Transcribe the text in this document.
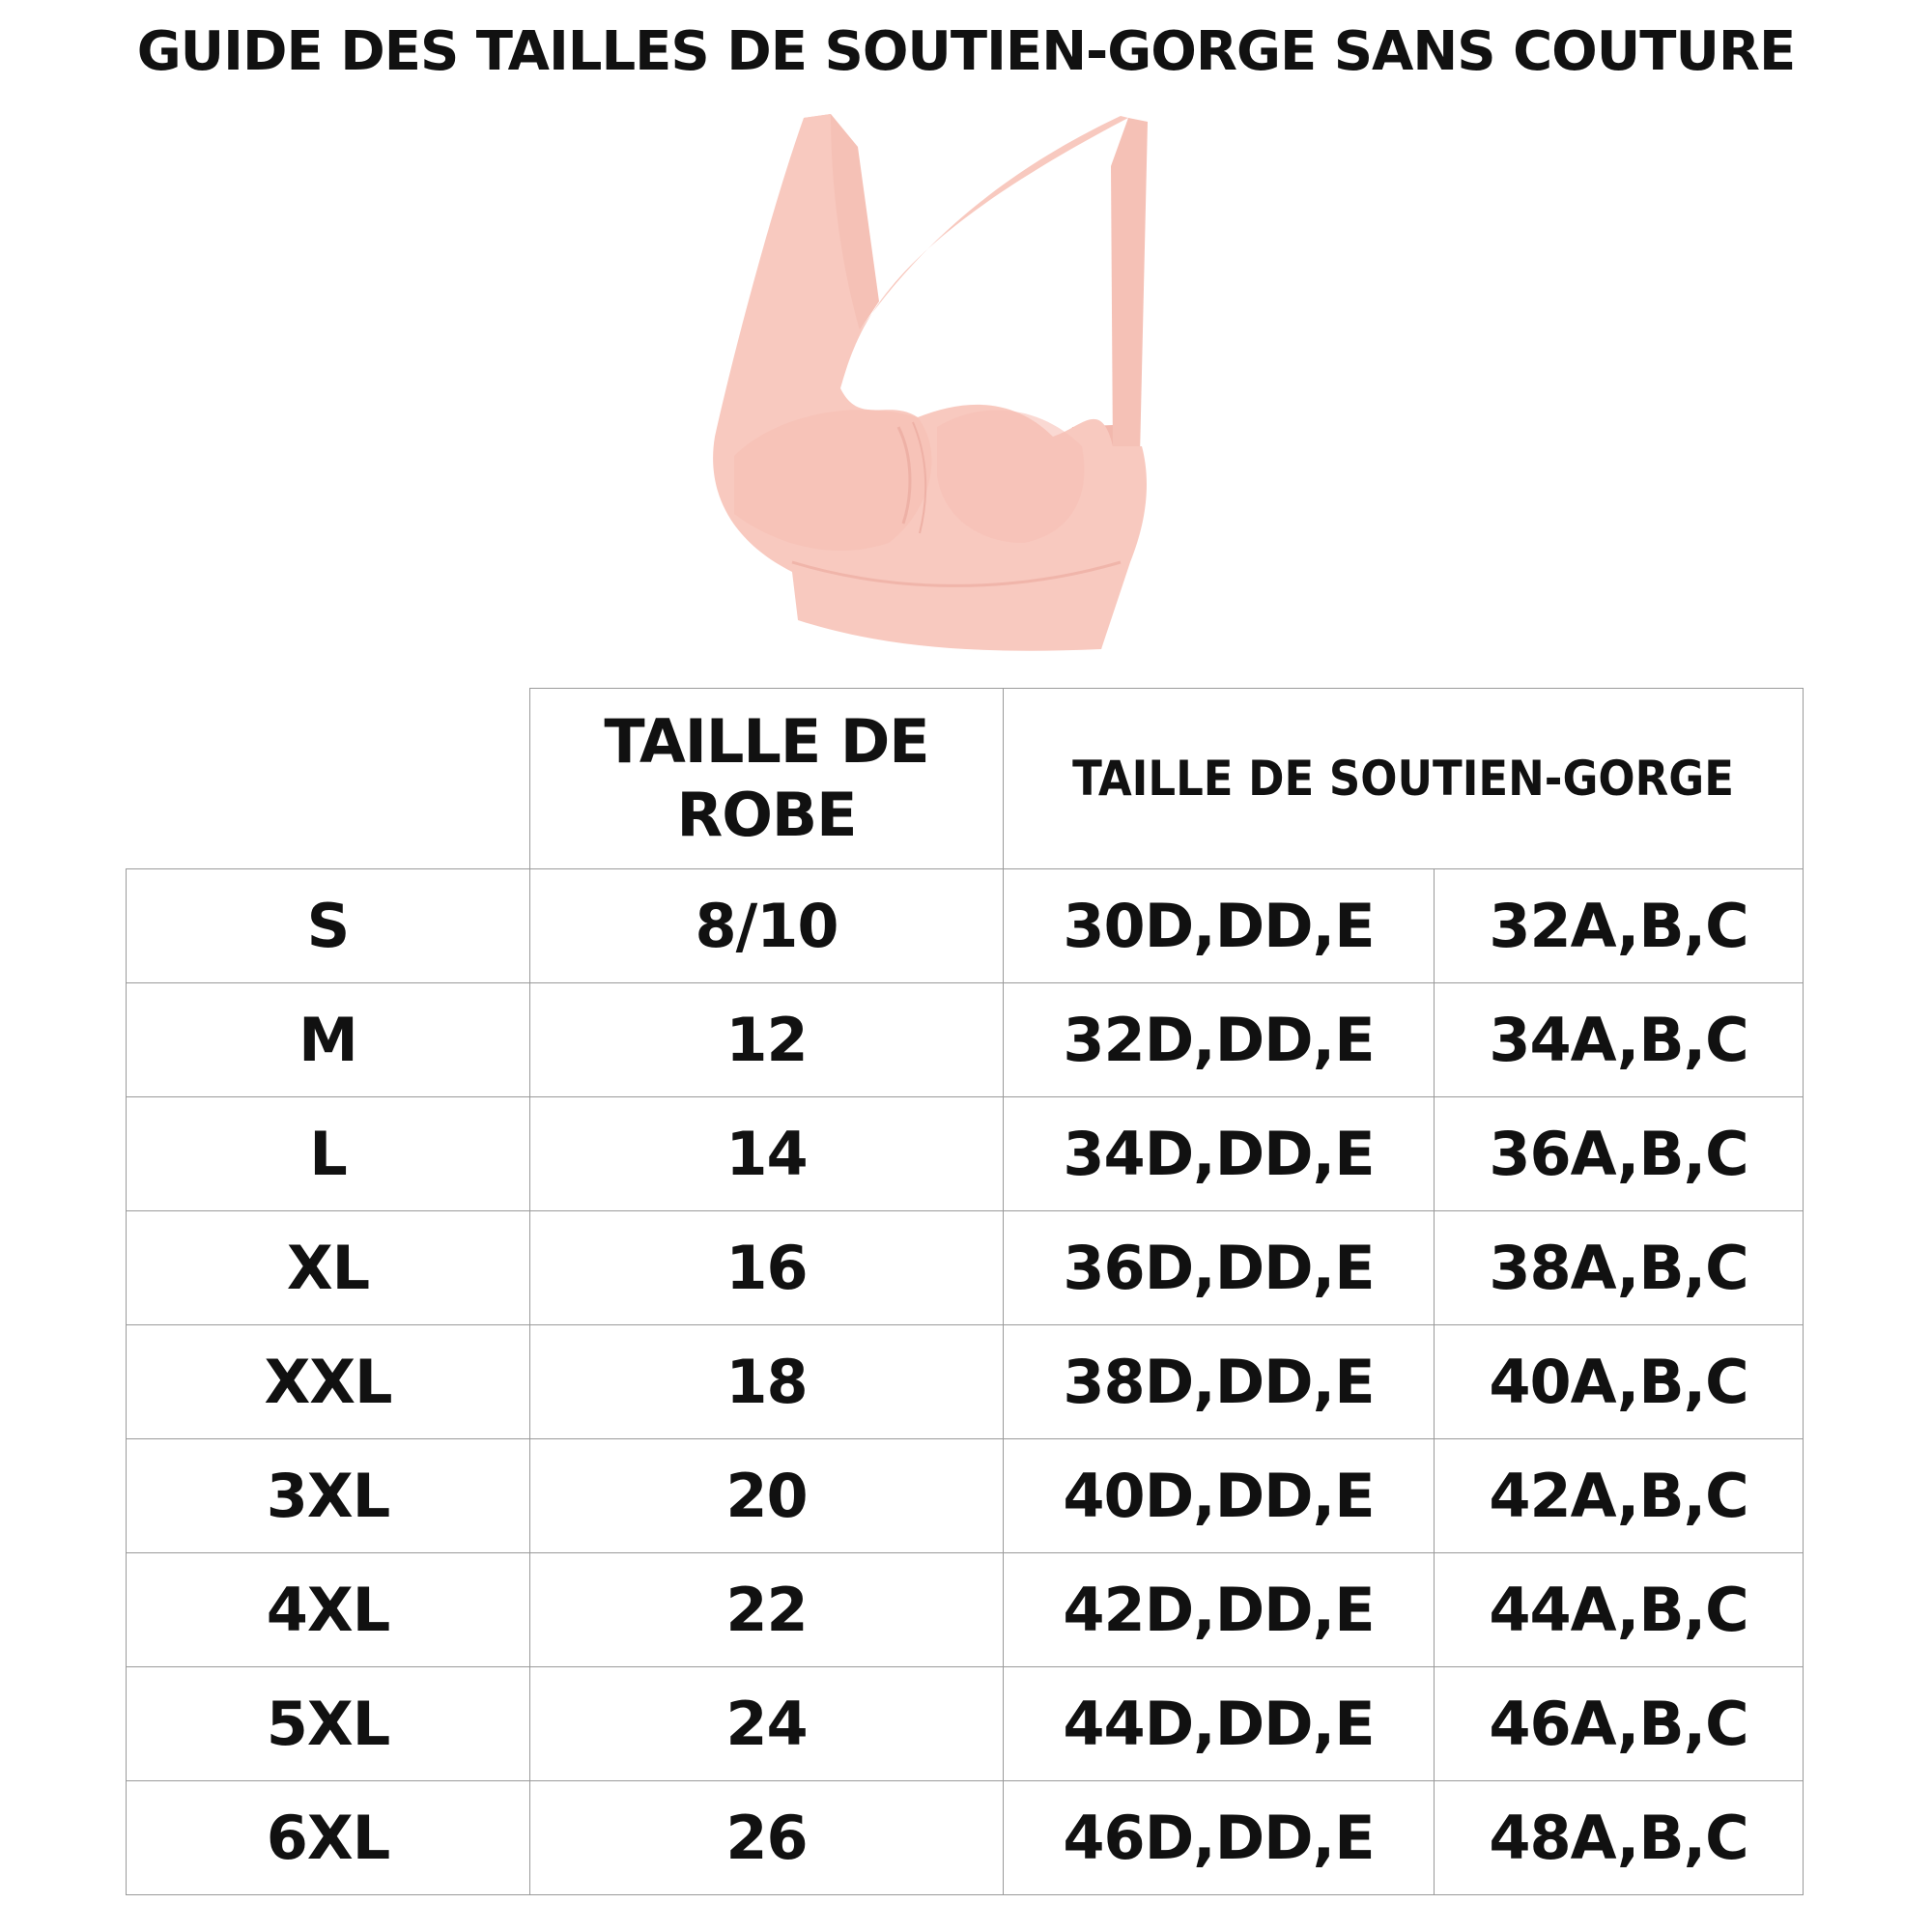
GUIDE DES TAILLES DE SOUTIEN-GORGE SANS COUTURE
	TAILLE DE ROBE	TAILLE DE SOUTIEN-GORGE	
S	8/10	30D,DD,E	32A,B,C
M	12	32D,DD,E	34A,B,C
L	14	34D,DD,E	36A,B,C
XL	16	36D,DD,E	38A,B,C
XXL	18	38D,DD,E	40A,B,C
3XL	20	40D,DD,E	42A,B,C
4XL	22	42D,DD,E	44A,B,C
5XL	24	44D,DD,E	46A,B,C
6XL	26	46D,DD,E	48A,B,C
